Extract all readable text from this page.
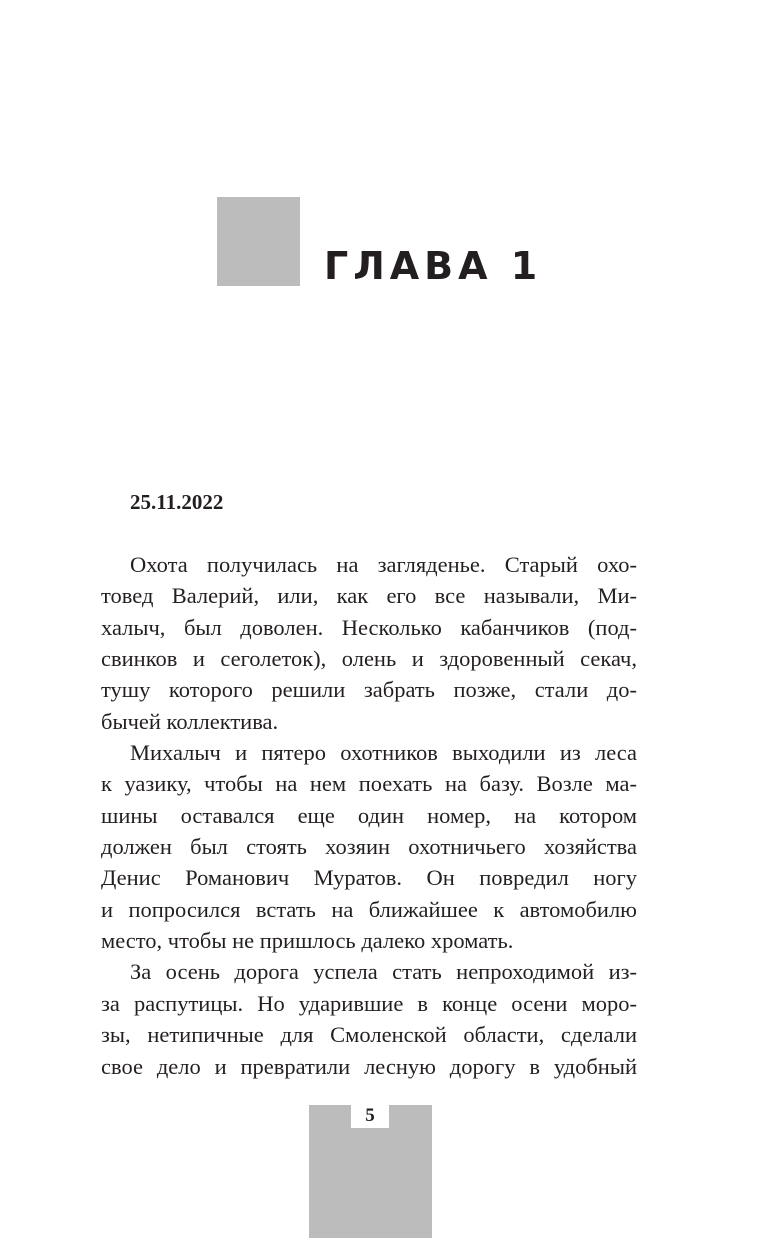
ГЛАВА 1
25.11.2022
Охота получилась на загляденье. Старый охо-
товед Валерий, или, как его все называли, Ми-
халыч, был доволен. Несколько кабанчиков (под-
свинков и сеголеток), олень и здоровенный секач,
тушу которого решили забрать позже, стали до-
бычей коллектива.
Михалыч и пятеро охотников выходили из леса
к уазику, чтобы на нем поехать на базу. Возле ма-
шины оставался еще один номер, на котором
должен был стоять хозяин охотничьего хозяйства
Денис Романович Муратов. Он повредил ногу
и попросился встать на ближайшее к автомобилю
место, чтобы не пришлось далеко хромать.
За осень дорога успела стать непроходимой из-
за распутицы. Но ударившие в конце осени моро-
зы, нетипичные для Смоленской области, сделали
свое дело и превратили лесную дорогу в удобный
5
